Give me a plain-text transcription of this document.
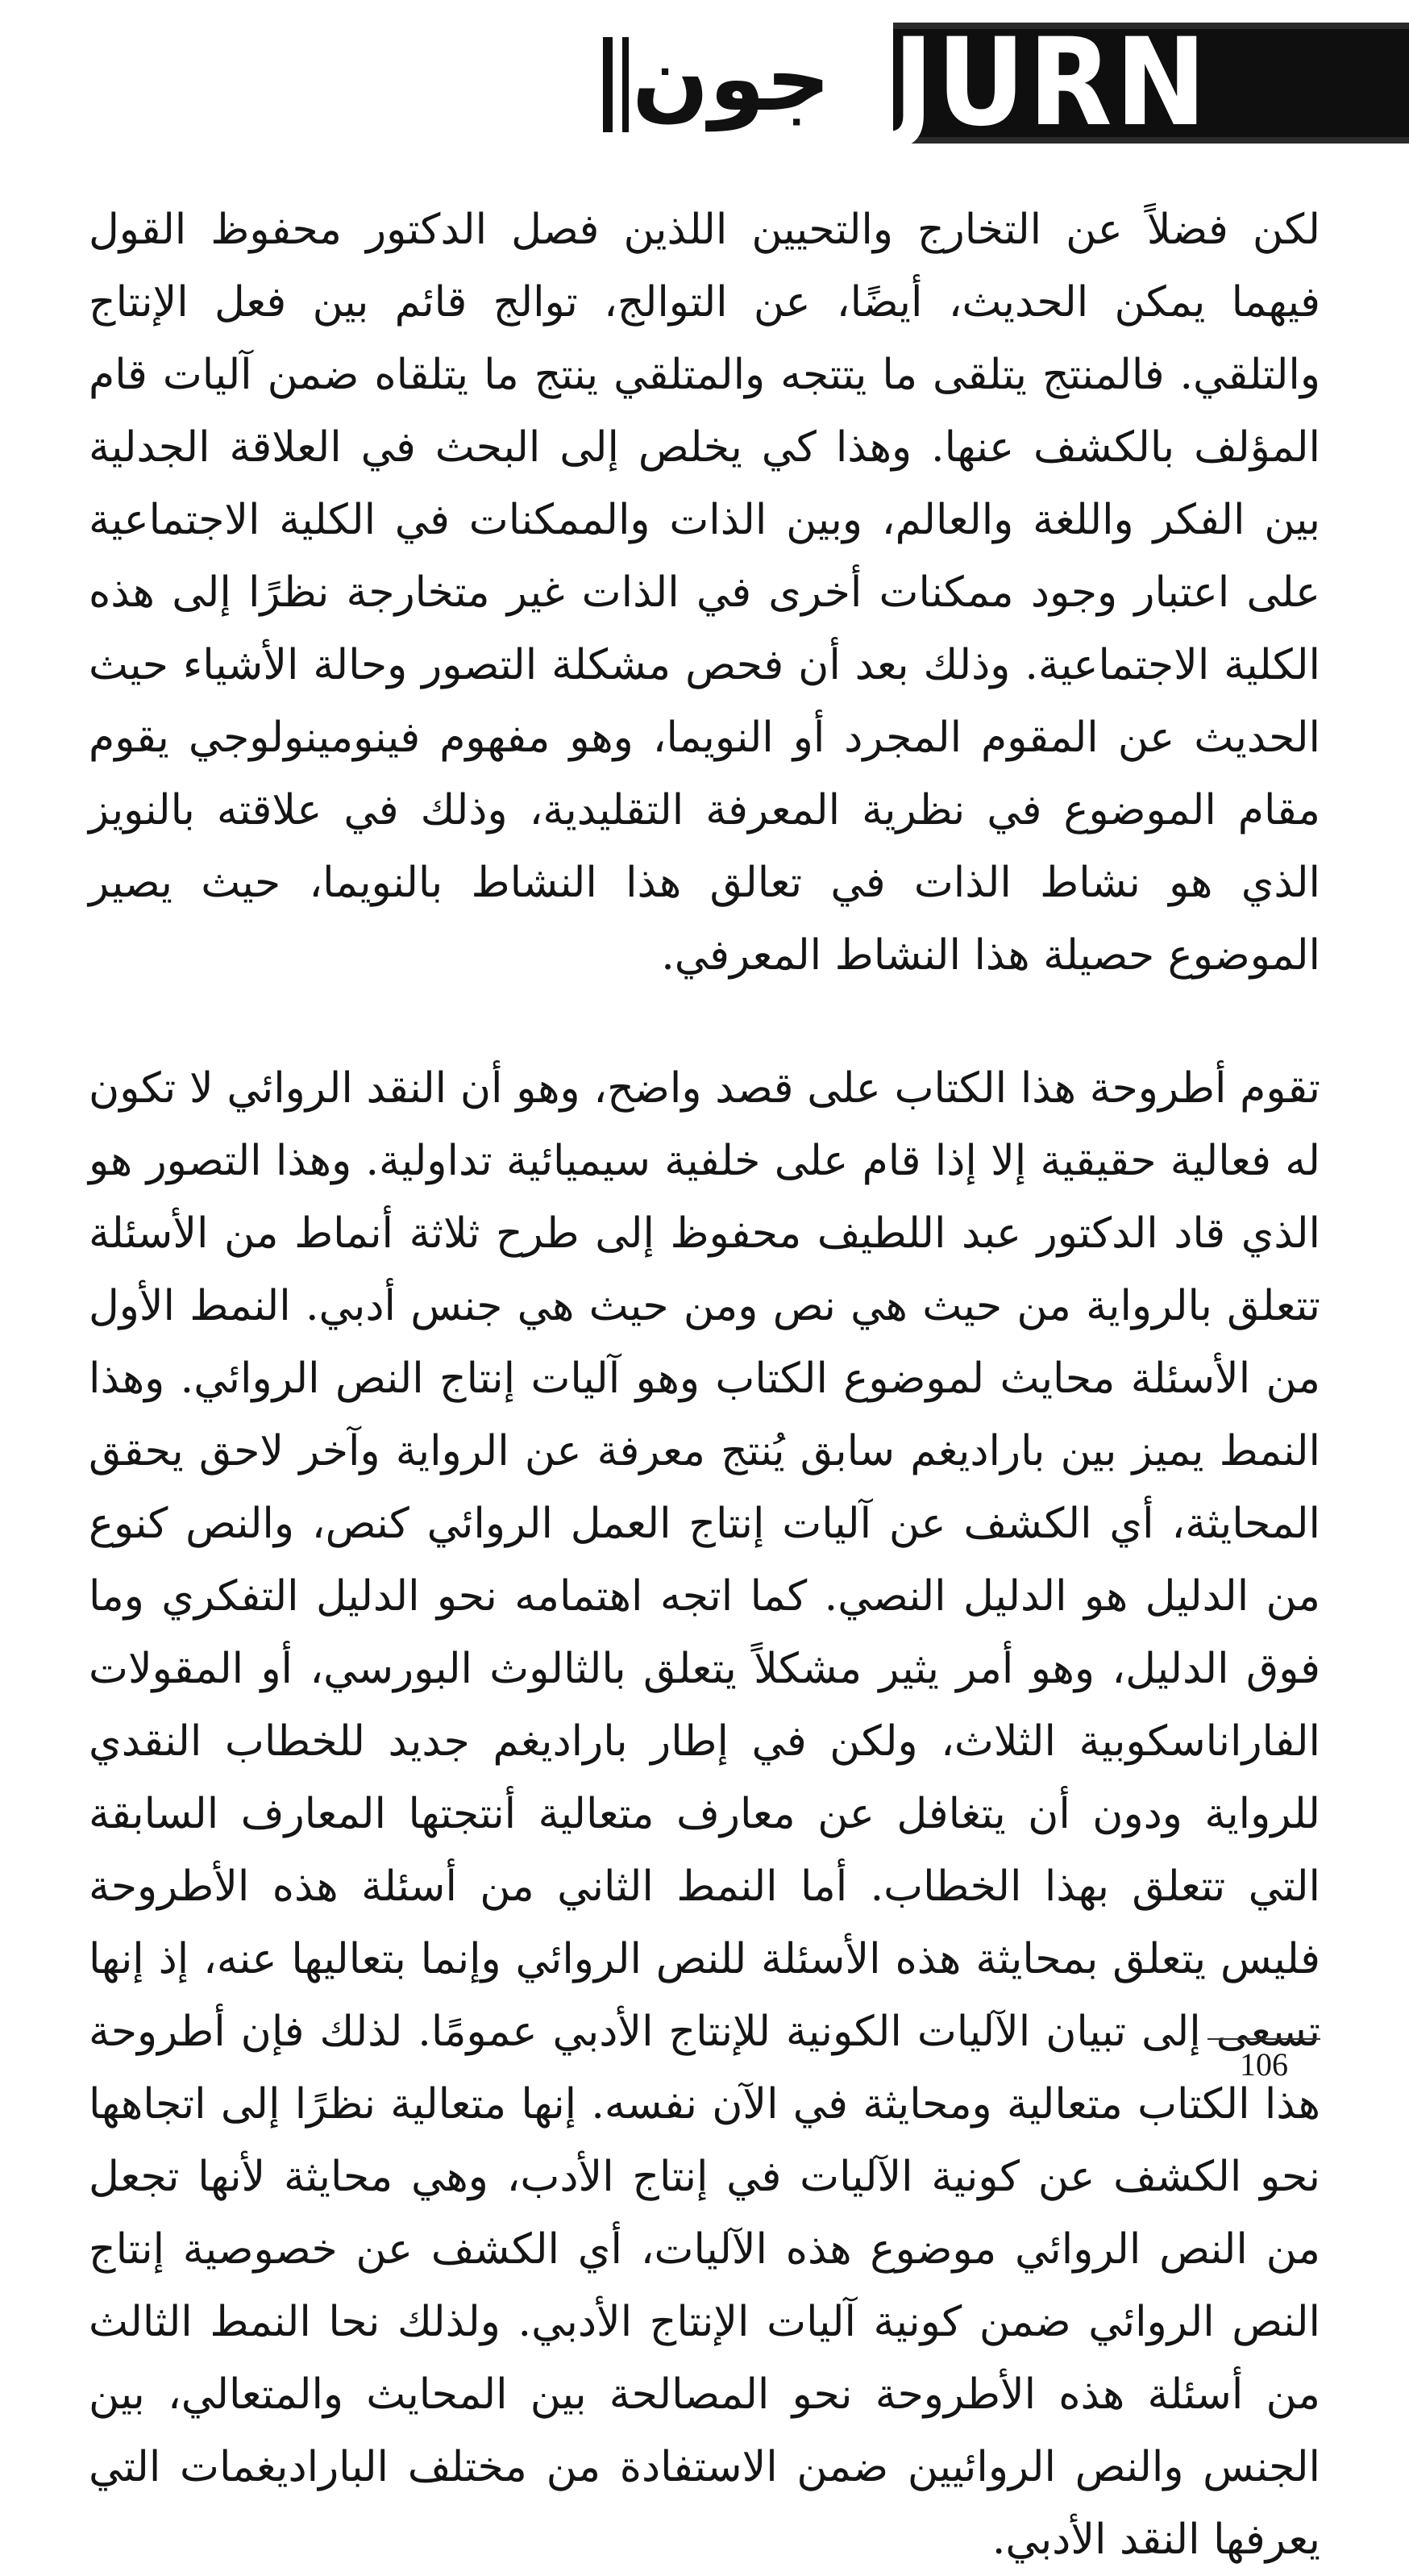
جون JURN

لكن فضلاً عن التخارج والتحيين اللذين فصل الدكتور محفوظ القول فيهما يمكن الحديث، أيضًا، عن التوالج، توالج قائم بين فعل الإنتاج والتلقي. فالمنتج يتلقى ما يتتجه والمتلقي ينتج ما يتلقاه ضمن آليات قام المؤلف بالكشف عنها. وهذا كي يخلص إلى البحث في العلاقة الجدلية بين الفكر واللغة والعالم، وبين الذات والممكنات في الكلية الاجتماعية على اعتبار وجود ممكنات أخرى في الذات غير متخارجة نظرًا إلى هذه الكلية الاجتماعية. وذلك بعد أن فحص مشكلة التصور وحالة الأشياء حيث الحديث عن المقوم المجرد أو النويما، وهو مفهوم فينومينولوجي يقوم مقام الموضوع في نظرية المعرفة التقليدية، وذلك في علاقته بالنويز الذي هو نشاط الذات في تعالق هذا النشاط بالنويما، حيث يصير الموضوع حصيلة هذا النشاط المعرفي.

تقوم أطروحة هذا الكتاب على قصد واضح، وهو أن النقد الروائي لا تكون له فعالية حقيقية إلا إذا قام على خلفية سيميائية تداولية. وهذا التصور هو الذي قاد الدكتور عبد اللطيف محفوظ إلى طرح ثلاثة أنماط من الأسئلة تتعلق بالرواية من حيث هي نص ومن حيث هي جنس أدبي. النمط الأول من الأسئلة محايث لموضوع الكتاب وهو آليات إنتاج النص الروائي. وهذا النمط يميز بين باراديغم سابق يُنتج معرفة عن الرواية وآخر لاحق يحقق المحايثة، أي الكشف عن آليات إنتاج العمل الروائي كنص، والنص كنوع من الدليل هو الدليل النصي. كما اتجه اهتمامه نحو الدليل التفكري وما فوق الدليل، وهو أمر يثير مشكلاً يتعلق بالثالوث البورسي، أو المقولات الفاراناسكوبية الثلاث، ولكن في إطار باراديغم جديد للخطاب النقدي للرواية ودون أن يتغافل عن معارف متعالية أنتجتها المعارف السابقة التي تتعلق بهذا الخطاب. أما النمط الثاني من أسئلة هذه الأطروحة فليس يتعلق بمحايثة هذه الأسئلة للنص الروائي وإنما بتعاليها عنه، إذ إنها تسعى إلى تبيان الآليات الكونية للإنتاج الأدبي عمومًا. لذلك فإن أطروحة هذا الكتاب متعالية ومحايثة في الآن نفسه. إنها متعالية نظرًا إلى اتجاهها نحو الكشف عن كونية الآليات في إنتاج الأدب، وهي محايثة لأنها تجعل من النص الروائي موضوع هذه الآليات، أي الكشف عن خصوصية إنتاج النص الروائي ضمن كونية آليات الإنتاج الأدبي. ولذلك نحا النمط الثالث من أسئلة هذه الأطروحة نحو المصالحة بين المحايث والمتعالي، بين الجنس والنص الروائيين ضمن الاستفادة من مختلف الباراديغمات التي يعرفها النقد الأدبي.

106
